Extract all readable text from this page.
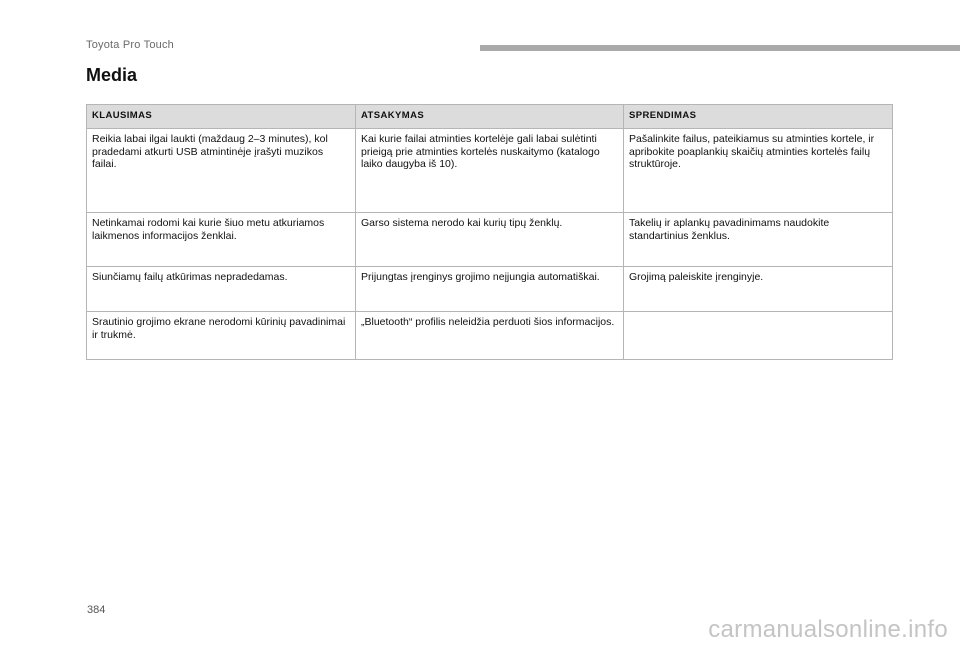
Toyota Pro Touch
Media
KLAUSIMAS	ATSAKYMAS	SPRENDIMAS
Reikia labai ilgai laukti (maždaug 2–3 minutes), kol pradedami atkurti USB atmintinėje įrašyti muzikos failai.	Kai kurie failai atminties kortelėje gali labai sulėtinti prieigą prie atminties kortelės nuskaitymo (katalogo laiko daugyba iš 10).	Pašalinkite failus, pateikiamus su atminties kortele, ir apribokite poaplankių skaičių atminties kortelės failų struktūroje.
Netinkamai rodomi kai kurie šiuo metu atkuriamos laikmenos informacijos ženklai.	Garso sistema nerodo kai kurių tipų ženklų.	Takelių ir aplankų pavadinimams naudokite standartinius ženklus.
Siunčiamų failų atkūrimas nepradedamas.	Prijungtas įrenginys grojimo neįjungia automatiškai.	Grojimą paleiskite įrenginyje.
Srautinio grojimo ekrane nerodomi kūrinių pavadinimai ir trukmė.	„Bluetooth“ profilis neleidžia perduoti šios informacijos.	
384
carmanualsonline.info
